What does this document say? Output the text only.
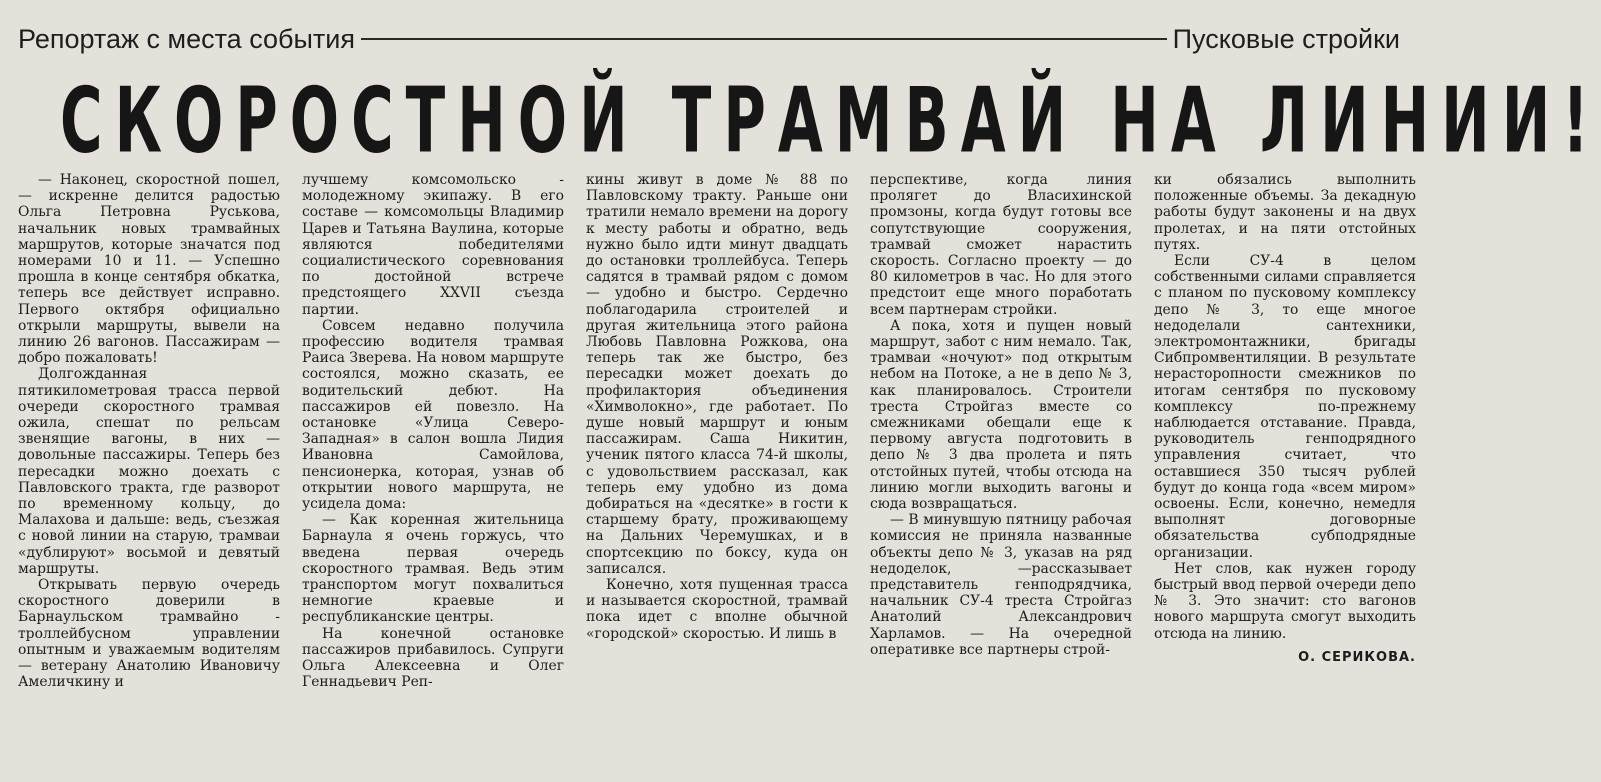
Репортаж с места события	Пусковые стройки
СКОРОСТНОЙ ТРАМВАЙ НА ЛИНИИ!

— Наконец, скоростной пошел, — искренне делится радостью Ольга Петровна Руськова, начальник новых трамвайных маршрутов, которые значатся под номерами 10 и 11. — Успешно прошла в конце сентября обкатка, теперь все действует исправно. Первого октября официально открыли маршруты, вывели на линию 26 вагонов. Пассажирам — добро пожаловать!

Долгожданная пятикилометровая трасса первой очереди скоростного трамвая ожила, спешат по рельсам звенящие вагоны, в них — довольные пассажиры. Теперь без пересадки можно доехать с Павловского тракта, где разворот по временному кольцу, до Малахова и дальше: ведь, съезжая с новой линии на старую, трамваи «дублируют» восьмой и девятый маршруты.

Открывать первую очередь скоростного доверили в Барнаульском трамвайно - троллейбусном управлении опытным и уважаемым водителям — ветерану Анатолию Ивановичу Амеличкину и

лучшему комсомольско - молодежному экипажу. В его составе — комсомольцы Владимир Царев и Татьяна Ваулина, которые являются победителями социалистического соревнования по достойной встрече предстоящего XXVII съезда партии.

Совсем недавно получила профессию водителя трамвая Раиса Зверева. На новом маршруте состоялся, можно сказать, ее водительский дебют. На пассажиров ей повезло. На остановке «Улица Северо-Западная» в салон вошла Лидия Ивановна Самойлова, пенсионерка, которая, узнав об открытии нового маршрута, не усидела дома:

— Как коренная жительница Барнаула я очень горжусь, что введена первая очередь скоростного трамвая. Ведь этим транспортом могут похвалиться немногие краевые и республиканские центры.

На конечной остановке пассажиров прибавилось. Супруги Ольга Алексеевна и Олег Геннадьевич Реп-

кины живут в доме № 88 по Павловскому тракту. Раньше они тратили немало времени на дорогу к месту работы и обратно, ведь нужно было идти минут двадцать до остановки троллейбуса. Теперь садятся в трамвай рядом с домом — удобно и быстро. Сердечно поблагодарила строителей и другая жительница этого района Любовь Павловна Рожкова, она теперь так же быстро, без пересадки может доехать до профилактория объединения «Химволокно», где работает. По душе новый маршрут и юным пассажирам. Саша Никитин, ученик пятого класса 74-й школы, с удовольствием рассказал, как теперь ему удобно из дома добираться на «десятке» в гости к старшему брату, проживающему на Дальних Черемушках, и в спортсекцию по боксу, куда он записался.

Конечно, хотя пущенная трасса и называется скоростной, трамвай пока идет с вполне обычной «городской» скоростью. И лишь в

перспективе, когда линия пролягет до Власихинской промзоны, когда будут готовы все сопутствующие сооружения, трамвай сможет нарастить скорость. Согласно проекту — до 80 километров в час. Но для этого предстоит еще много поработать всем партнерам стройки.

А пока, хотя и пущен новый маршрут, забот с ним немало. Так, трамваи «ночуют» под открытым небом на Потоке, а не в депо № 3, как планировалось. Строители треста Стройгаз вместе со смежниками обещали еще к первому августа подготовить в депо № 3 два пролета и пять отстойных путей, чтобы отсюда на линию могли выходить вагоны и сюда возвращаться.

— В минувшую пятницу рабочая комиссия не приняла названные объекты депо № 3, указав на ряд недоделок, —рассказывает представитель генподрядчика, начальник СУ-4 треста Стройгаз Анатолий Александрович Харламов. — На очередной оперативке все партнеры строй-

ки обязались выполнить положенные объемы. За декадную работы будут законены и на двух пролетах, и на пяти отстойных путях.

Если СУ-4 в целом собственными силами справляется с планом по пусковому комплексу депо № 3, то еще многое недоделали сантехники, электромонтажники, бригады Сибпромвентиляции. В результате нерасторопности смежников по итогам сентября по пусковому комплексу по-прежнему наблюдается отставание. Правда, руководитель генподрядного управления считает, что оставшиеся 350 тысяч рублей будут до конца года «всем миром» освоены. Если, конечно, немедля выполнят договорные обязательства субподрядные организации.

Нет слов, как нужен городу быстрый ввод первой очереди депо № 3. Это значит: сто вагонов нового маршрута смогут выходить отсюда на линию.

О. СЕРИКОВА.
